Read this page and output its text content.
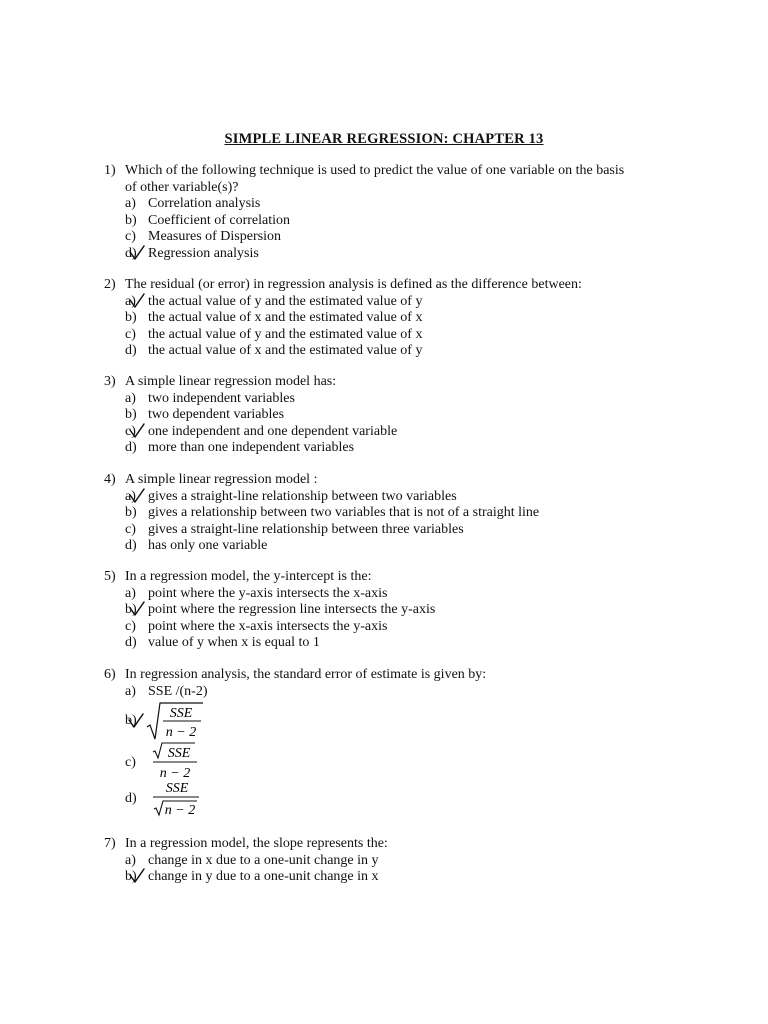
SIMPLE LINEAR REGRESSION: CHAPTER 13
1) Which of the following technique is used to predict the value of one variable on the basis
of other variable(s)?
a) Correlation analysis
b) Coefficient of correlation
c) Measures of Dispersion
d) Regression analysis
2) The residual (or error) in regression analysis is defined as the difference between:
a) the actual value of y and the estimated value of y
b) the actual value of x and the estimated value of x
c) the actual value of y and the estimated value of x
d) the actual value of x and the estimated value of y
3) A simple linear regression model has:
a) two independent variables
b) two dependent variables
c) one independent and one dependent variable
d) more than one independent variables
4) A simple linear regression model :
a) gives a straight-line relationship between two variables
b) gives a relationship between two variables that is not of a straight line
c) gives a straight-line relationship between three variables
d) has only one variable
5) In a regression model, the y-intercept is the:
a) point where the y-axis intersects the x-axis
b) point where the regression line intersects the y-axis
c) point where the x-axis intersects the y-axis
d) value of y when x is equal to 1
6) In regression analysis, the standard error of estimate is given by:
a) SSE /(n-2)
b) SSE
n − 2
c)
SSE
n − 2
d)
SSE
n − 2
7) In a regression model, the slope represents the:
a) change in x due to a one-unit change in y
b) change in y due to a one-unit change in x
